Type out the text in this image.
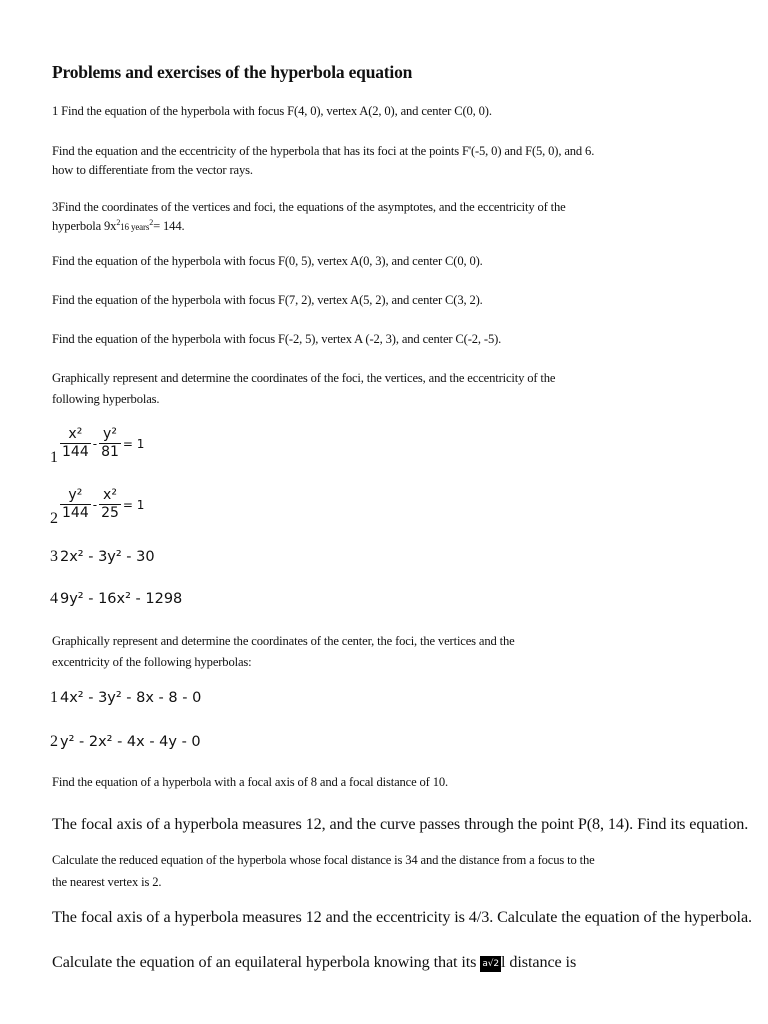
Problems and exercises of the hyperbola equation
1 Find the equation of the hyperbola with focus F(4, 0), vertex A(2, 0), and center C(0, 0).
Find the equation and the eccentricity of the hyperbola that has its foci at the points F'(-5, 0) and F(5, 0), and 6.
how to differentiate from the vector rays.
3Find the coordinates of the vertices and foci, the equations of the asymptotes, and the eccentricity of the
hyperbola $9x^216$ years$^2$= 144.
Find the equation of the hyperbola with focus F(0, 5), vertex A(0, 3), and center C(0, 0).
Find the equation of the hyperbola with focus F(7, 2), vertex A(5, 2), and center C(3, 2).
Find the equation of the hyperbola with focus F(-2, 5), vertex A (-2, 3), and center C(-2, -5).
Graphically represent and determine the coordinates of the foci, the vertices, and the eccentricity of the
following hyperbolas.
$1 \frac{\text{x²}}{144} - \frac{\text{y²}}{81} = 1$
$2 \frac{\text{y²}}{144} - \frac{\text{x²}}{25} = 1$
3 2x² - 3y² - 30
4 9y² - 16x² - 1298
Graphically represent and determine the coordinates of the center, the foci, the vertices and the
excentricity of the following hyperbolas:
1 4x² - 3y² - 8x - 8 - 0
2 y² - 2x² - 4x - 4y - 0
Find the equation of a hyperbola with a focal axis of 8 and a focal distance of 10.
The focal axis of a hyperbola measures 12, and the curve passes through the point P(8, 14). Find its equation.
Calculate the reduced equation of the hyperbola whose focal distance is 34 and the distance from a focus to the
the nearest vertex is 2.
The focal axis of a hyperbola measures 12 and the eccentricity is 4/3. Calculate the equation of the hyperbola.
Calculate the equation of an equilateral hyperbola knowing that its a√2 l distance is
